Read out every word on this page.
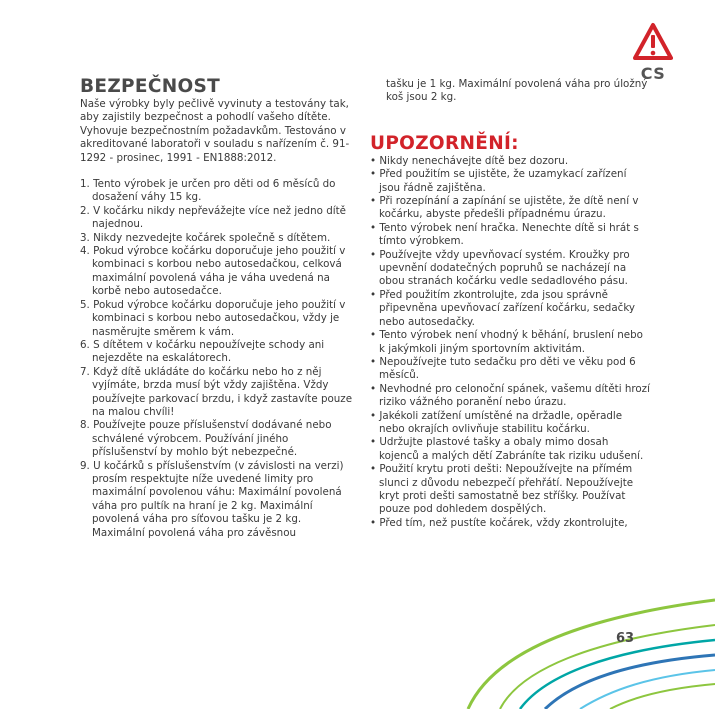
CS
BEZPEČNOST

Naše výrobky byly pečlivě vyvinuty a testovány tak, aby zajistily bezpečnost a pohodlí vašeho dítěte. Vyhovuje bezpečnostním požadavkům. Testováno v akreditované laboratoři v souladu s nařízením č. 91-1292 - prosinec, 1991 - EN1888:2012.

1. Tento výrobek je určen pro děti od 6 měsíců do dosažení váhy 15 kg.
2. V kočárku nikdy nepřevážejte více než jedno dítě najednou.
3. Nikdy nezvedejte kočárek společně s dítětem.
4. Pokud výrobce kočárku doporučuje jeho použití v kombinaci s korbou nebo autosedačkou, celková maximální povolená váha je váha uvedená na korbě nebo autosedačce.
5. Pokud výrobce kočárku doporučuje jeho použití v kombinaci s korbou nebo autosedačkou, vždy je nasměrujte směrem k vám.
6. S dítětem v kočárku nepoužívejte schody ani nejezděte na eskalátorech.
7. Když dítě ukládáte do kočárku nebo ho z něj vyjímáte, brzda musí být vždy zajištěna. Vždy používejte parkovací brzdu, i když zastavíte pouze na malou chvíli!
8. Používejte pouze příslušenství dodávané nebo schválené výrobcem. Používání jiného příslušenství by mohlo být nebezpečné.
9. U kočárků s příslušenstvím (v závislosti na verzi) prosím respektujte níže uvedené limity pro maximální povolenou váhu: Maximální povolená váha pro pultík na hraní je 2 kg. Maximální povolená váha pro síťovou tašku je 2 kg. Maximální povolená váha pro závěsnou
tašku je 1 kg. Maximální povolená váha pro úložný koš jsou 2 kg.
UPOZORNĚNÍ:
• Nikdy nenechávejte dítě bez dozoru.
• Před použitím se ujistěte, že uzamykací zařízení jsou řádně zajištěna.
• Při rozepínání a zapínání se ujistěte, že dítě není v kočárku, abyste předešli případnému úrazu.
• Tento výrobek není hračka. Nenechte dítě si hrát s tímto výrobkem.
• Používejte vždy upevňovací systém. Kroužky pro upevnění dodatečných popruhů se nacházejí na obou stranách kočárku vedle sedadlového pásu.
• Před použitím zkontrolujte, zda jsou správně připevněna upevňovací zařízení kočárku, sedačky nebo autosedačky.
• Tento výrobek není vhodný k běhání, bruslení nebo k jakýmkoli jiným sportovním aktivitám.
• Nepoužívejte tuto sedačku pro děti ve věku pod 6 měsíců.
• Nevhodné pro celonoční spánek, vašemu dítěti hrozí riziko vážného poranění nebo úrazu.
• Jakékoli zatížení umístěné na držadle, opěradle nebo okrajích ovlivňuje stabilitu kočárku.
• Udržujte plastové tašky a obaly mimo dosah kojenců a malých dětí Zabráníte tak riziku udušení.
• Použití krytu proti dešti: Nepoužívejte na přímém slunci z důvodu nebezpečí přehřátí. Nepoužívejte kryt proti dešti samostatně bez stříšky. Používat pouze pod dohledem dospělých.
• Před tím, než pustíte kočárek, vždy zkontrolujte,
63
